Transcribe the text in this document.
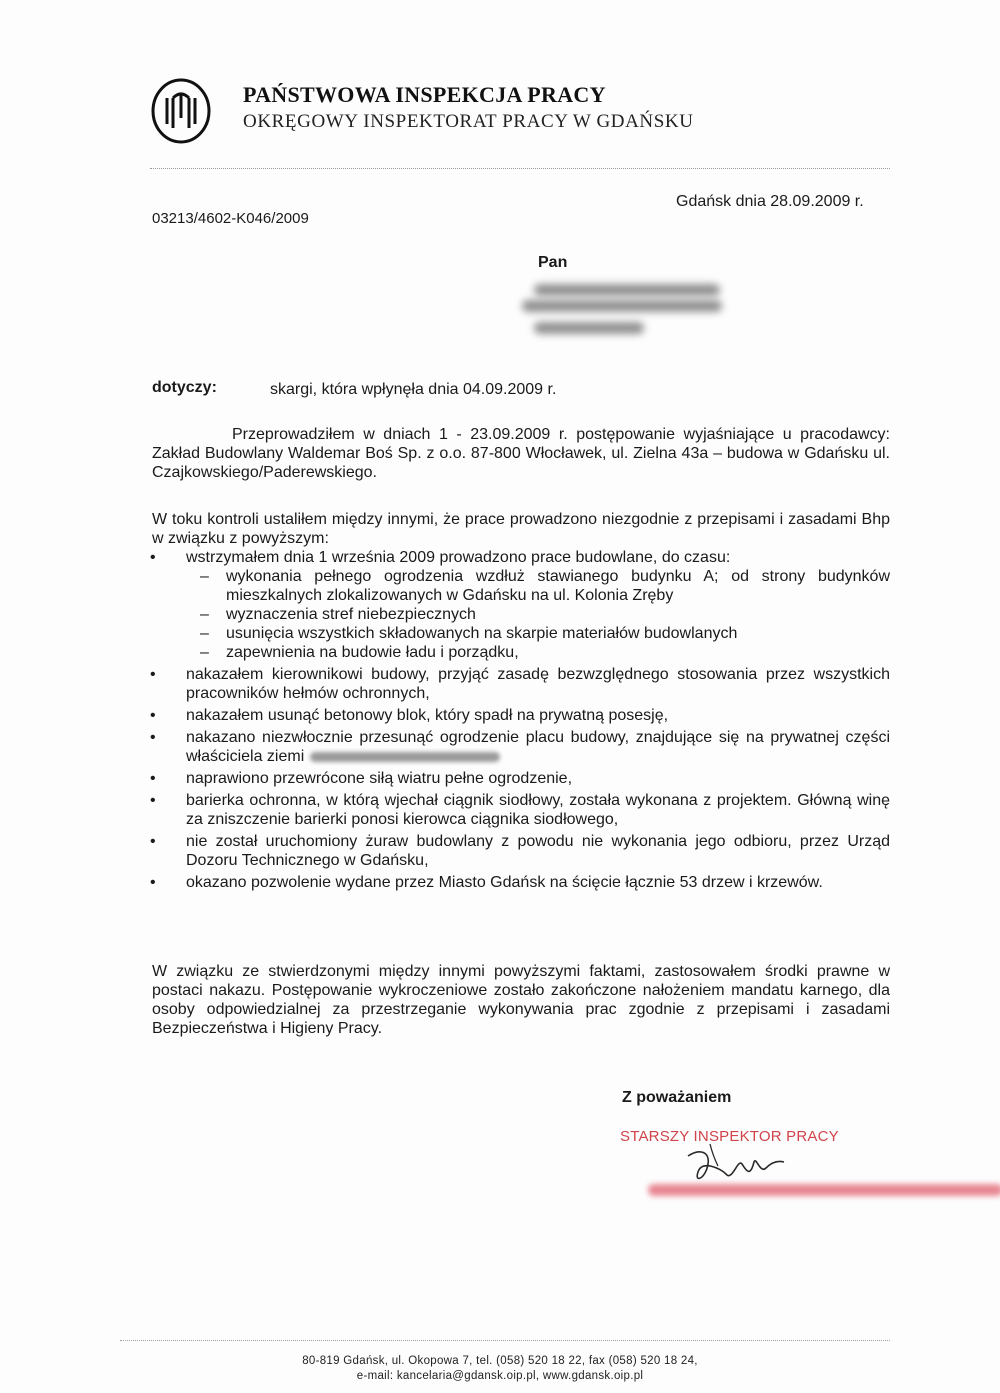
PAŃSTWOWA INSPEKCJA PRACY
OKRĘGOWY INSPEKTORAT PRACY W GDAŃSKU
Gdańsk dnia 28.09.2009 r.
03213/4602-K046/2009
Pan
dotyczy:	skargi, która wpłynęła dnia 04.09.2009 r.
Przeprowadziłem w dniach 1 - 23.09.2009 r. postępowanie wyjaśniające u pracodawcy: Zakład Budowlany Waldemar Boś Sp. z o.o. 87-800 Włocławek, ul. Zielna 43a – budowa w Gdańsku ul. Czajkowskiego/Paderewskiego.
W toku kontroli ustaliłem między innymi, że prace prowadzono niezgodnie z przepisami i zasadami Bhp w związku z powyższym:
• wstrzymałem dnia 1 września 2009 prowadzono prace budowlane, do czasu:
– wykonania pełnego ogrodzenia wzdłuż stawianego budynku A; od strony budynków mieszkalnych zlokalizowanych w Gdańsku na ul. Kolonia Zręby
– wyznaczenia stref niebezpiecznych
– usunięcia wszystkich składowanych na skarpie materiałów budowlanych
– zapewnienia na budowie ładu i porządku,
• nakazałem kierownikowi budowy, przyjąć zasadę bezwzględnego stosowania przez wszystkich pracowników hełmów ochronnych,
• nakazałem usunąć betonowy blok, który spadł na prywatną posesję,
• nakazano niezwłocznie przesunąć ogrodzenie placu budowy, znajdujące się na prywatnej części właściciela ziemi
• naprawiono przewrócone siłą wiatru pełne ogrodzenie,
• barierka ochronna, w którą wjechał ciągnik siodłowy, została wykonana z projektem. Główną winę za zniszczenie barierki ponosi kierowca ciągnika siodłowego,
• nie został uruchomiony żuraw budowlany z powodu nie wykonania jego odbioru, przez Urząd Dozoru Technicznego w Gdańsku,
• okazano pozwolenie wydane przez Miasto Gdańsk na ścięcie łącznie 53 drzew i krzewów.
W związku ze stwierdzonymi między innymi powyższymi faktami, zastosowałem środki prawne w postaci nakazu. Postępowanie wykroczeniowe zostało zakończone nałożeniem mandatu karnego, dla osoby odpowiedzialnej za przestrzeganie wykonywania prac zgodnie z przepisami i zasadami Bezpieczeństwa i Higieny Pracy.
Z poważaniem
STARSZY INSPEKTOR PRACY
80-819 Gdańsk, ul. Okopowa 7, tel. (058) 520 18 22, fax (058) 520 18 24,
e-mail: kancelaria@gdansk.oip.pl, www.gdansk.oip.pl
